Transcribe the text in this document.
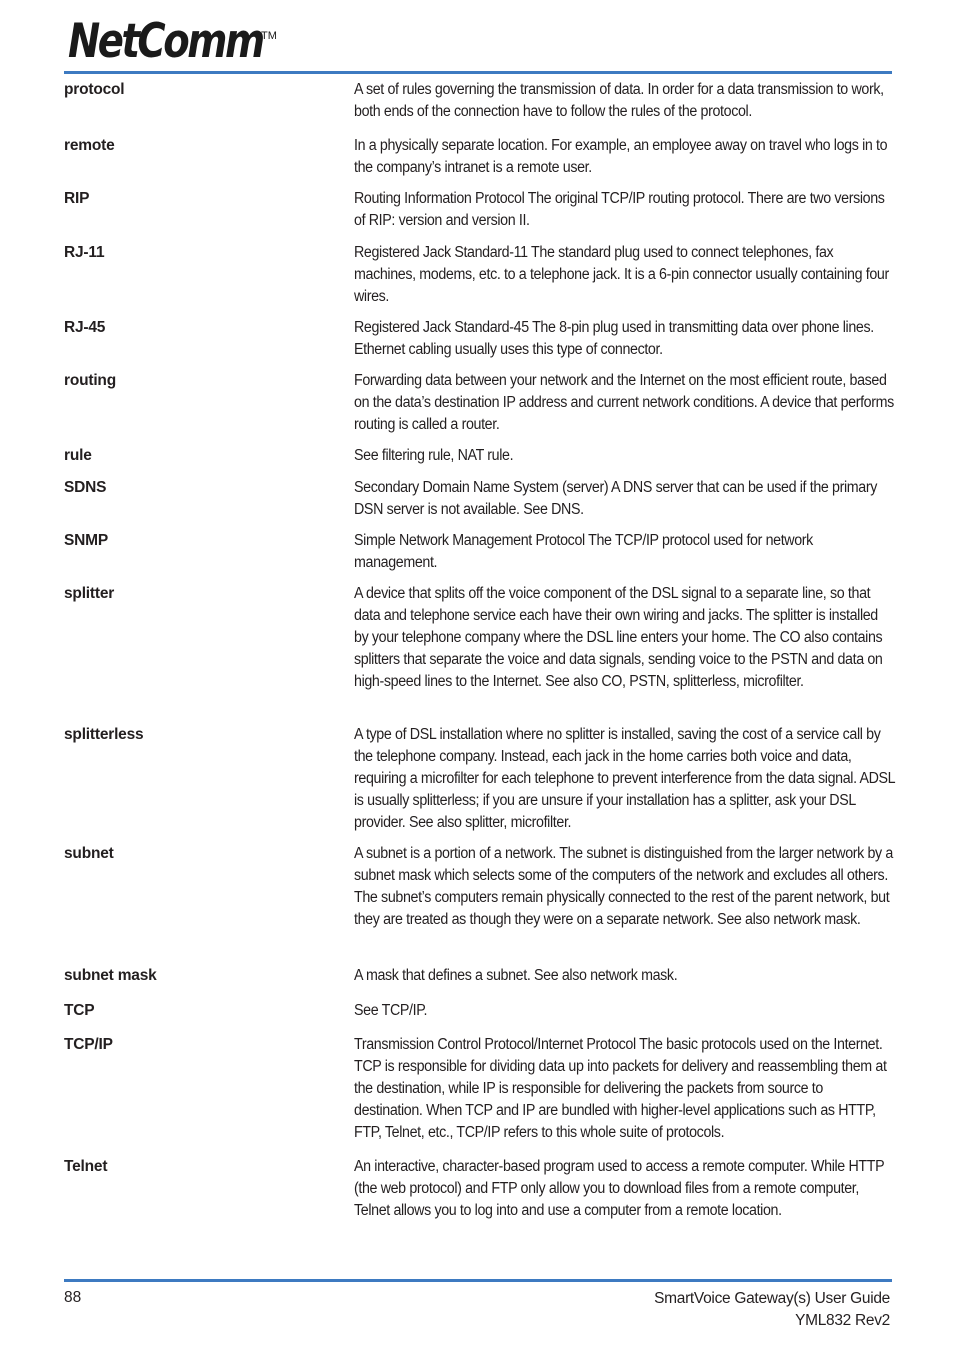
NetComm
TM
protocol	A set of rules governing the transmission of data. In order for a data transmission to work, both ends of the connection have to follow the rules of the protocol.
remote	In a physically separate location. For example, an employee away on travel who logs in to the company’s intranet is a remote user.
RIP	Routing Information Protocol The original TCP/IP routing protocol. There are two versions of RIP: version and version II.
RJ-11	Registered Jack Standard-11 The standard plug used to connect telephones, fax machines, modems, etc. to a telephone jack. It is a 6-pin connector usually containing four wires.
RJ-45	Registered Jack Standard-45 The 8-pin plug used in transmitting data over phone lines. Ethernet cabling usually uses this type of connector.
routing	Forwarding data between your network and the Internet on the most efficient route, based on the data’s destination IP address and current network conditions. A device that performs routing is called a router.
rule	See filtering rule, NAT rule.
SDNS	Secondary Domain Name System (server) A DNS server that can be used if the primary DSN server is not available. See DNS.
SNMP	Simple Network Management Protocol The TCP/IP protocol used for network management.
splitter	A device that splits off the voice component of the DSL signal to a separate line, so that data and telephone service each have their own wiring and jacks. The splitter is installed by your telephone company where the DSL line enters your home. The CO also contains splitters that separate the voice and data signals, sending voice to the PSTN and data on high-speed lines to the Internet. See also CO, PSTN, splitterless, microfilter.
splitterless	A type of DSL installation where no splitter is installed, saving the cost of a service call by the telephone company. Instead, each jack in the home carries both voice and data, requiring a microfilter for each telephone to prevent interference from the data signal. ADSL is usually splitterless; if you are unsure if your installation has a splitter, ask your DSL provider. See also splitter, microfilter.
subnet	A subnet is a portion of a network. The subnet is distinguished from the larger network by a subnet mask which selects some of the computers of the network and excludes all others. The subnet’s computers remain physically connected to the rest of the parent network, but they are treated as though they were on a separate network. See also network mask.
subnet mask	A mask that defines a subnet. See also network mask.
TCP	See TCP/IP.
TCP/IP	Transmission Control Protocol/Internet Protocol The basic protocols used on the Internet. TCP is responsible for dividing data up into packets for delivery and reassembling them at the destination, while IP is responsible for delivering the packets from source to destination. When TCP and IP are bundled with higher-level applications such as HTTP, FTP, Telnet, etc., TCP/IP refers to this whole suite of protocols.
Telnet	An interactive, character-based program used to access a remote computer. While HTTP (the web protocol) and FTP only allow you to download files from a remote computer, Telnet allows you to log into and use a computer from a remote location.
88	SmartVoice Gateway(s) User Guide
YML832 Rev2
